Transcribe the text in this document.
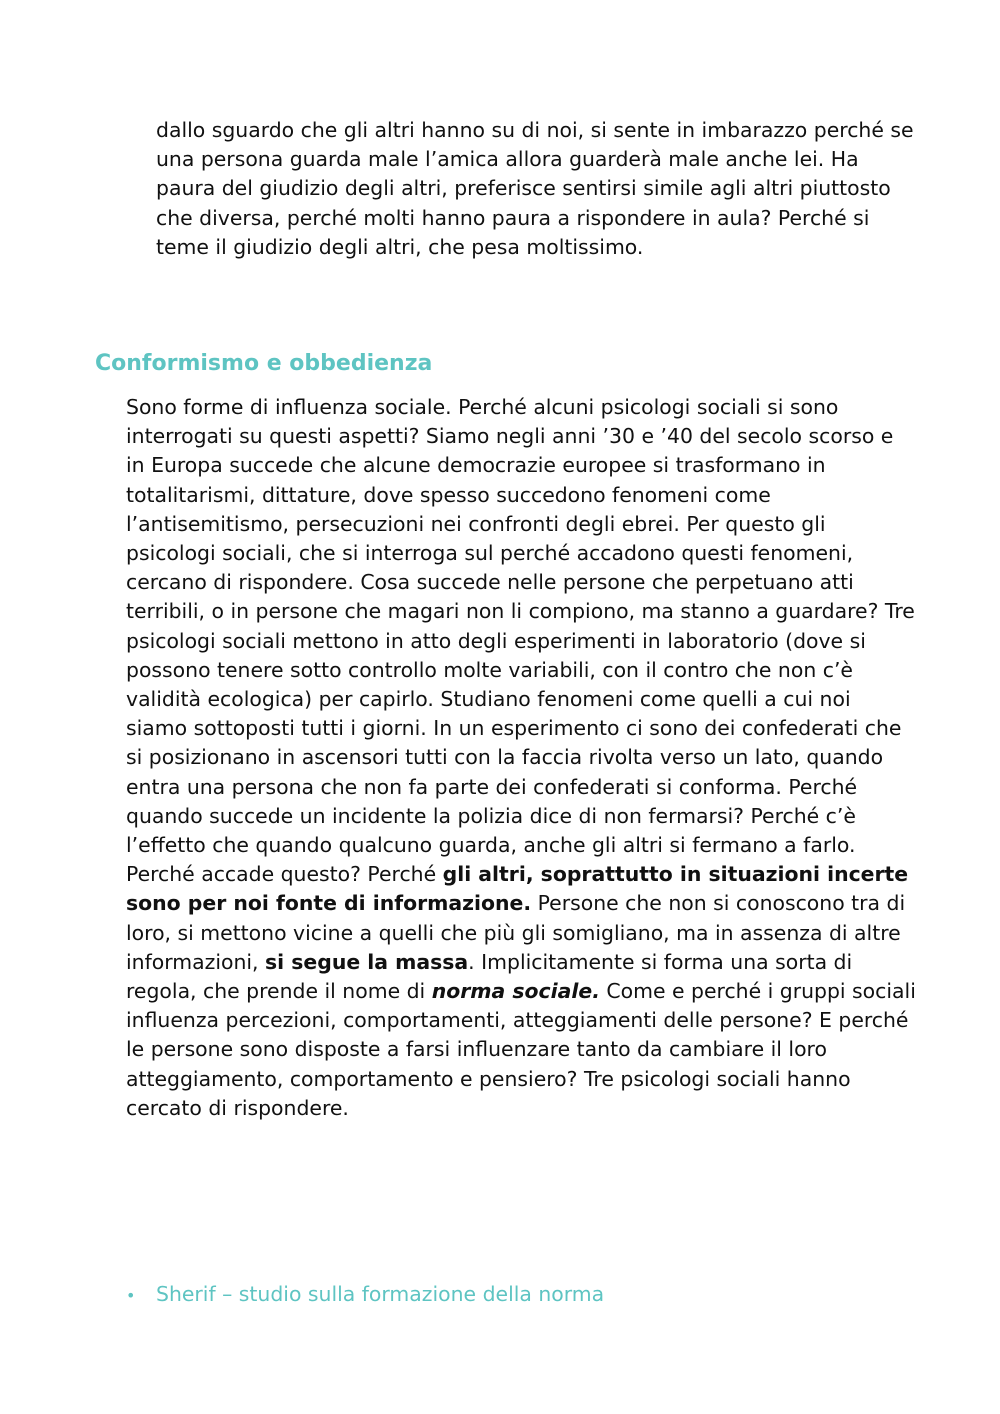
dallo sguardo che gli altri hanno su di noi, si sente in imbarazzo perché se una persona guarda male l’amica allora guarderà male anche lei. Ha paura del giudizio degli altri, preferisce sentirsi simile agli altri piuttosto che diversa, perché molti hanno paura a rispondere in aula? Perché si teme il giudizio degli altri, che pesa moltissimo.

Conformismo e obbedienza

Sono forme di influenza sociale. Perché alcuni psicologi sociali si sono interrogati su questi aspetti? Siamo negli anni ’30 e ’40 del secolo scorso e in Europa succede che alcune democrazie europee si trasformano in totalitarismi, dittature, dove spesso succedono fenomeni come l’antisemitismo, persecuzioni nei confronti degli ebrei. Per questo gli psicologi sociali, che si interroga sul perché accadono questi fenomeni, cercano di rispondere. Cosa succede nelle persone che perpetuano atti terribili, o in persone che magari non li compiono, ma stanno a guardare? Tre psicologi sociali mettono in atto degli esperimenti in laboratorio (dove si possono tenere sotto controllo molte variabili, con il contro che non c’è validità ecologica) per capirlo. Studiano fenomeni come quelli a cui noi siamo sottoposti tutti i giorni. In un esperimento ci sono dei confederati che si posizionano in ascensori tutti con la faccia rivolta verso un lato, quando entra una persona che non fa parte dei confederati si conforma. Perché quando succede un incidente la polizia dice di non fermarsi? Perché c’è l’effetto che quando qualcuno guarda, anche gli altri si fermano a farlo. Perché accade questo? Perché gli altri, soprattutto in situazioni incerte sono per noi fonte di informazione. Persone che non si conoscono tra di loro, si mettono vicine a quelli che più gli somigliano, ma in assenza di altre informazioni, si segue la massa. Implicitamente si forma una sorta di regola, che prende il nome di norma sociale. Come e perché i gruppi sociali influenza percezioni, comportamenti, atteggiamenti delle persone? E perché le persone sono disposte a farsi influenzare tanto da cambiare il loro atteggiamento, comportamento e pensiero? Tre psicologi sociali hanno cercato di rispondere.

•	Sherif – studio sulla formazione della norma
